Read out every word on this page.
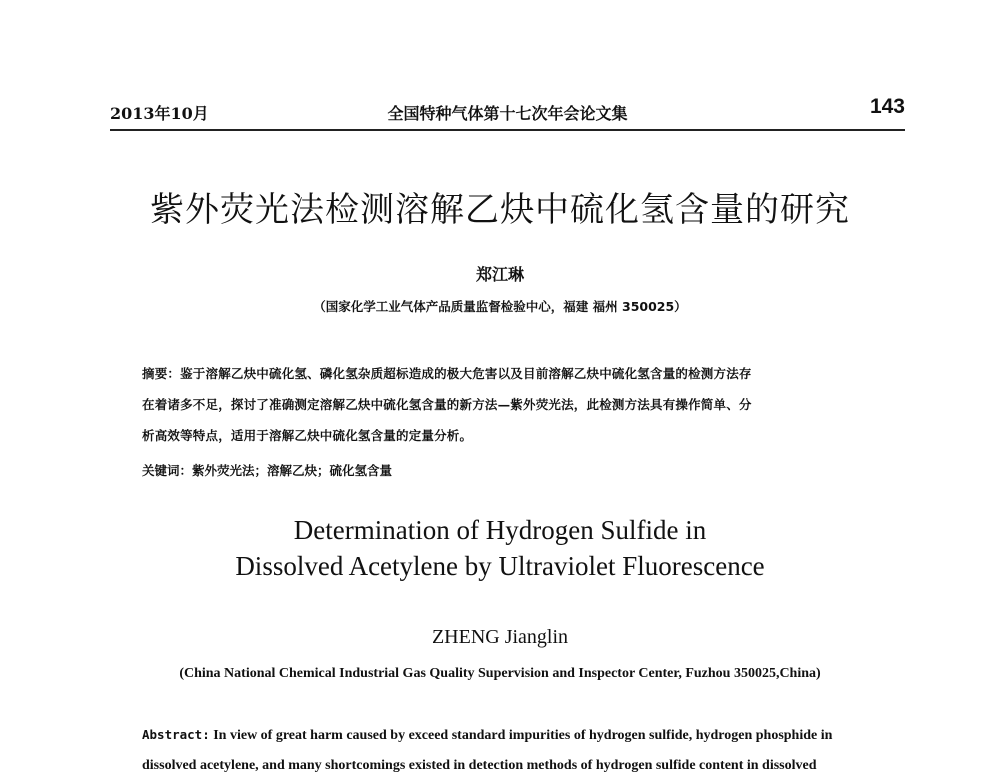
2013年10月	全国特种气体第十七次年会论文集	143
紫外荧光法检测溶解乙炔中硫化氢含量的研究
郑江琳
（国家化学工业气体产品质量监督检验中心，福建 福州 350025）
摘要：鉴于溶解乙炔中硫化氢、磷化氢杂质超标造成的极大危害以及目前溶解乙炔中硫化氢含量的检测方法存
在着诸多不足，探讨了准确测定溶解乙炔中硫化氢含量的新方法—紫外荧光法，此检测方法具有操作简单、分
析高效等特点，适用于溶解乙炔中硫化氢含量的定量分析。
关键词：紫外荧光法；溶解乙炔；硫化氢含量
Determination of Hydrogen Sulfide in
Dissolved Acetylene by Ultraviolet Fluorescence
ZHENG Jianglin
(China National Chemical Industrial Gas Quality Supervision and Inspector Center, Fuzhou 350025,China)
Abstract: In view of great harm caused by exceed standard impurities of hydrogen sulfide, hydrogen phosphide in
dissolved acetylene, and many shortcomings existed in detection methods of hydrogen sulfide content in dissolved
